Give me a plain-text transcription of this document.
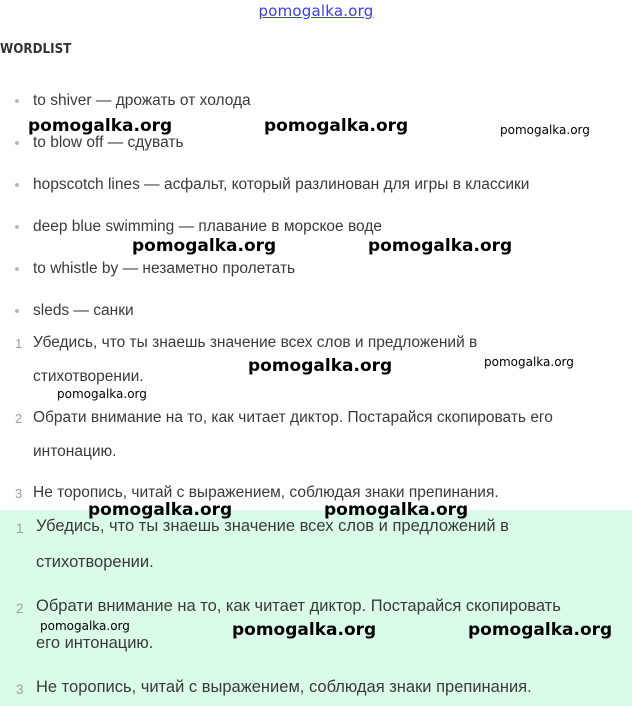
pomogalka.org
WORDLIST
to shiver — дрожать от холода
to blow off — сдувать
hopscotch lines — асфальт, который разлинован для игры в классики
deep blue swimming — плавание в морское воде
to whistle by — незаметно пролетать
sleds — санки
1 Убедись, что ты знаешь значение всех слов и предложений в
стихотворении.
2 Обрати внимание на то, как читает диктор. Постарайся скопировать его
интонацию.
3 Не торопись, читай с выражением, соблюдая знаки препинания.
1 Убедись, что ты знаешь значение всех слов и предложений в
стихотворении.
2 Обрати внимание на то, как читает диктор. Постарайся скопировать
его интонацию.
3 Не торопись, читай с выражением, соблюдая знаки препинания.
pomogalka.org	pomogalka.org	pomogalka.org
pomogalka.org	pomogalka.org
pomogalka.org	pomogalka.org
pomogalka.org
pomogalka.org	pomogalka.org
pomogalka.org	pomogalka.org	pomogalka.org
